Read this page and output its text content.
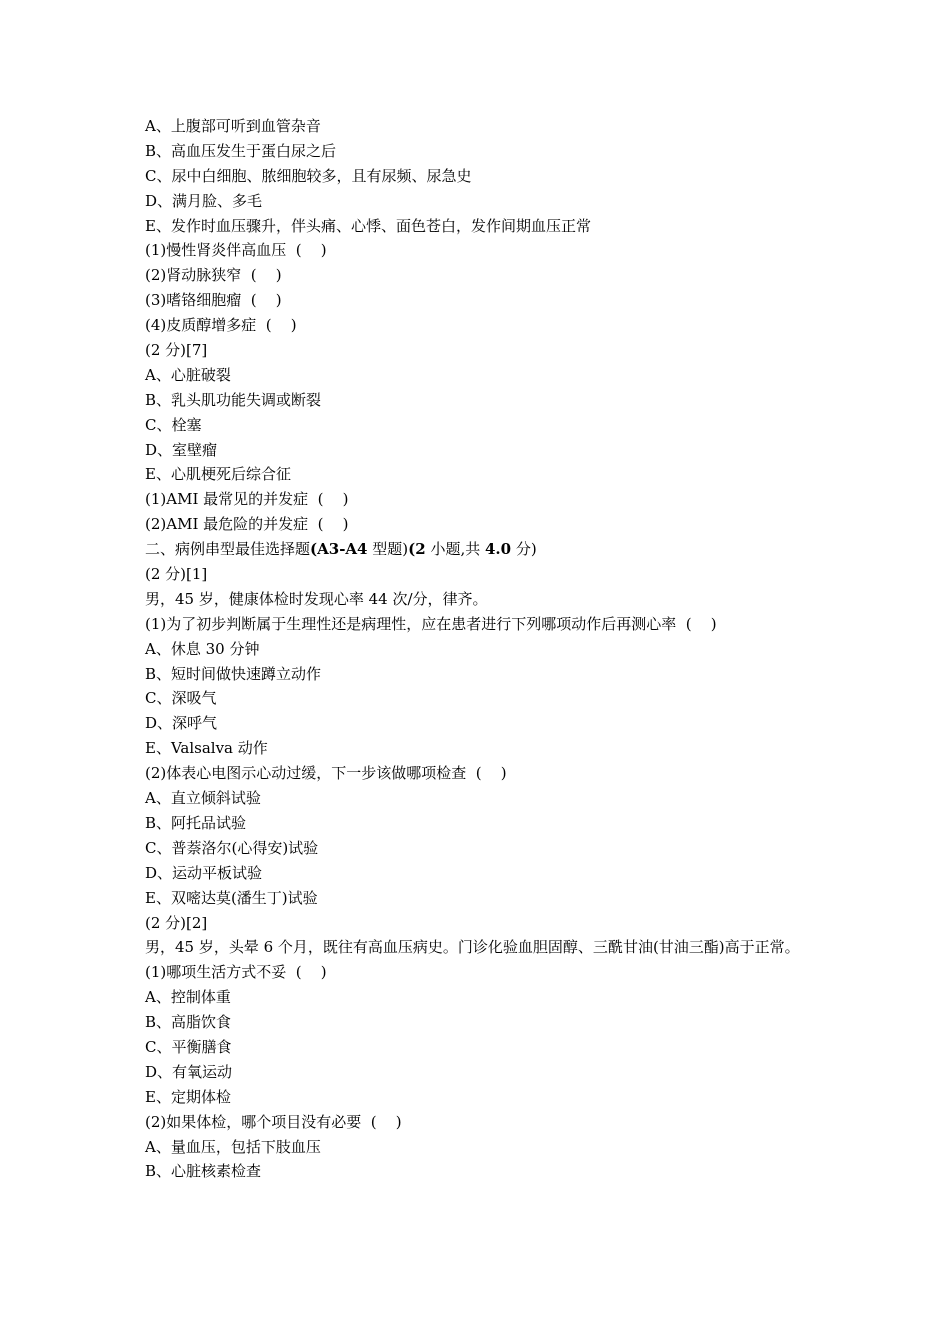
A、上腹部可听到血管杂音
B、高血压发生于蛋白尿之后
C、尿中白细胞、脓细胞较多，且有尿频、尿急史
D、满月脸、多毛
E、发作时血压骤升，伴头痛、心悸、面色苍白，发作间期血压正常
(1)慢性肾炎伴高血压  (    )
(2)肾动脉狭窄  (    )
(3)嗜铬细胞瘤  (    )
(4)皮质醇增多症  (    )
(2 分)[7]
A、心脏破裂
B、乳头肌功能失调或断裂
C、栓塞
D、室壁瘤
E、心肌梗死后综合征
(1)AMI 最常见的并发症  (    )
(2)AMI 最危险的并发症  (    )
二、病例串型最佳选择题(A3-A4 型题)(2 小题,共 4.0 分)
(2 分)[1]
男，45 岁，健康体检时发现心率 44 次/分，律齐。
(1)为了初步判断属于生理性还是病理性，应在患者进行下列哪项动作后再测心率  (    )
A、休息 30 分钟
B、短时间做快速蹲立动作
C、深吸气
D、深呼气
E、Valsalva 动作
(2)体表心电图示心动过缓，下一步该做哪项检查  (    )
A、直立倾斜试验
B、阿托品试验
C、普萘洛尔(心得安)试验
D、运动平板试验
E、双嘧达莫(潘生丁)试验
(2 分)[2]
男，45 岁，头晕 6 个月，既往有高血压病史。门诊化验血胆固醇、三酰甘油(甘油三酯)高于正常。
(1)哪项生活方式不妥  (    )
A、控制体重
B、高脂饮食
C、平衡膳食
D、有氧运动
E、定期体检
(2)如果体检，哪个项目没有必要  (    )
A、量血压，包括下肢血压
B、心脏核素检查
